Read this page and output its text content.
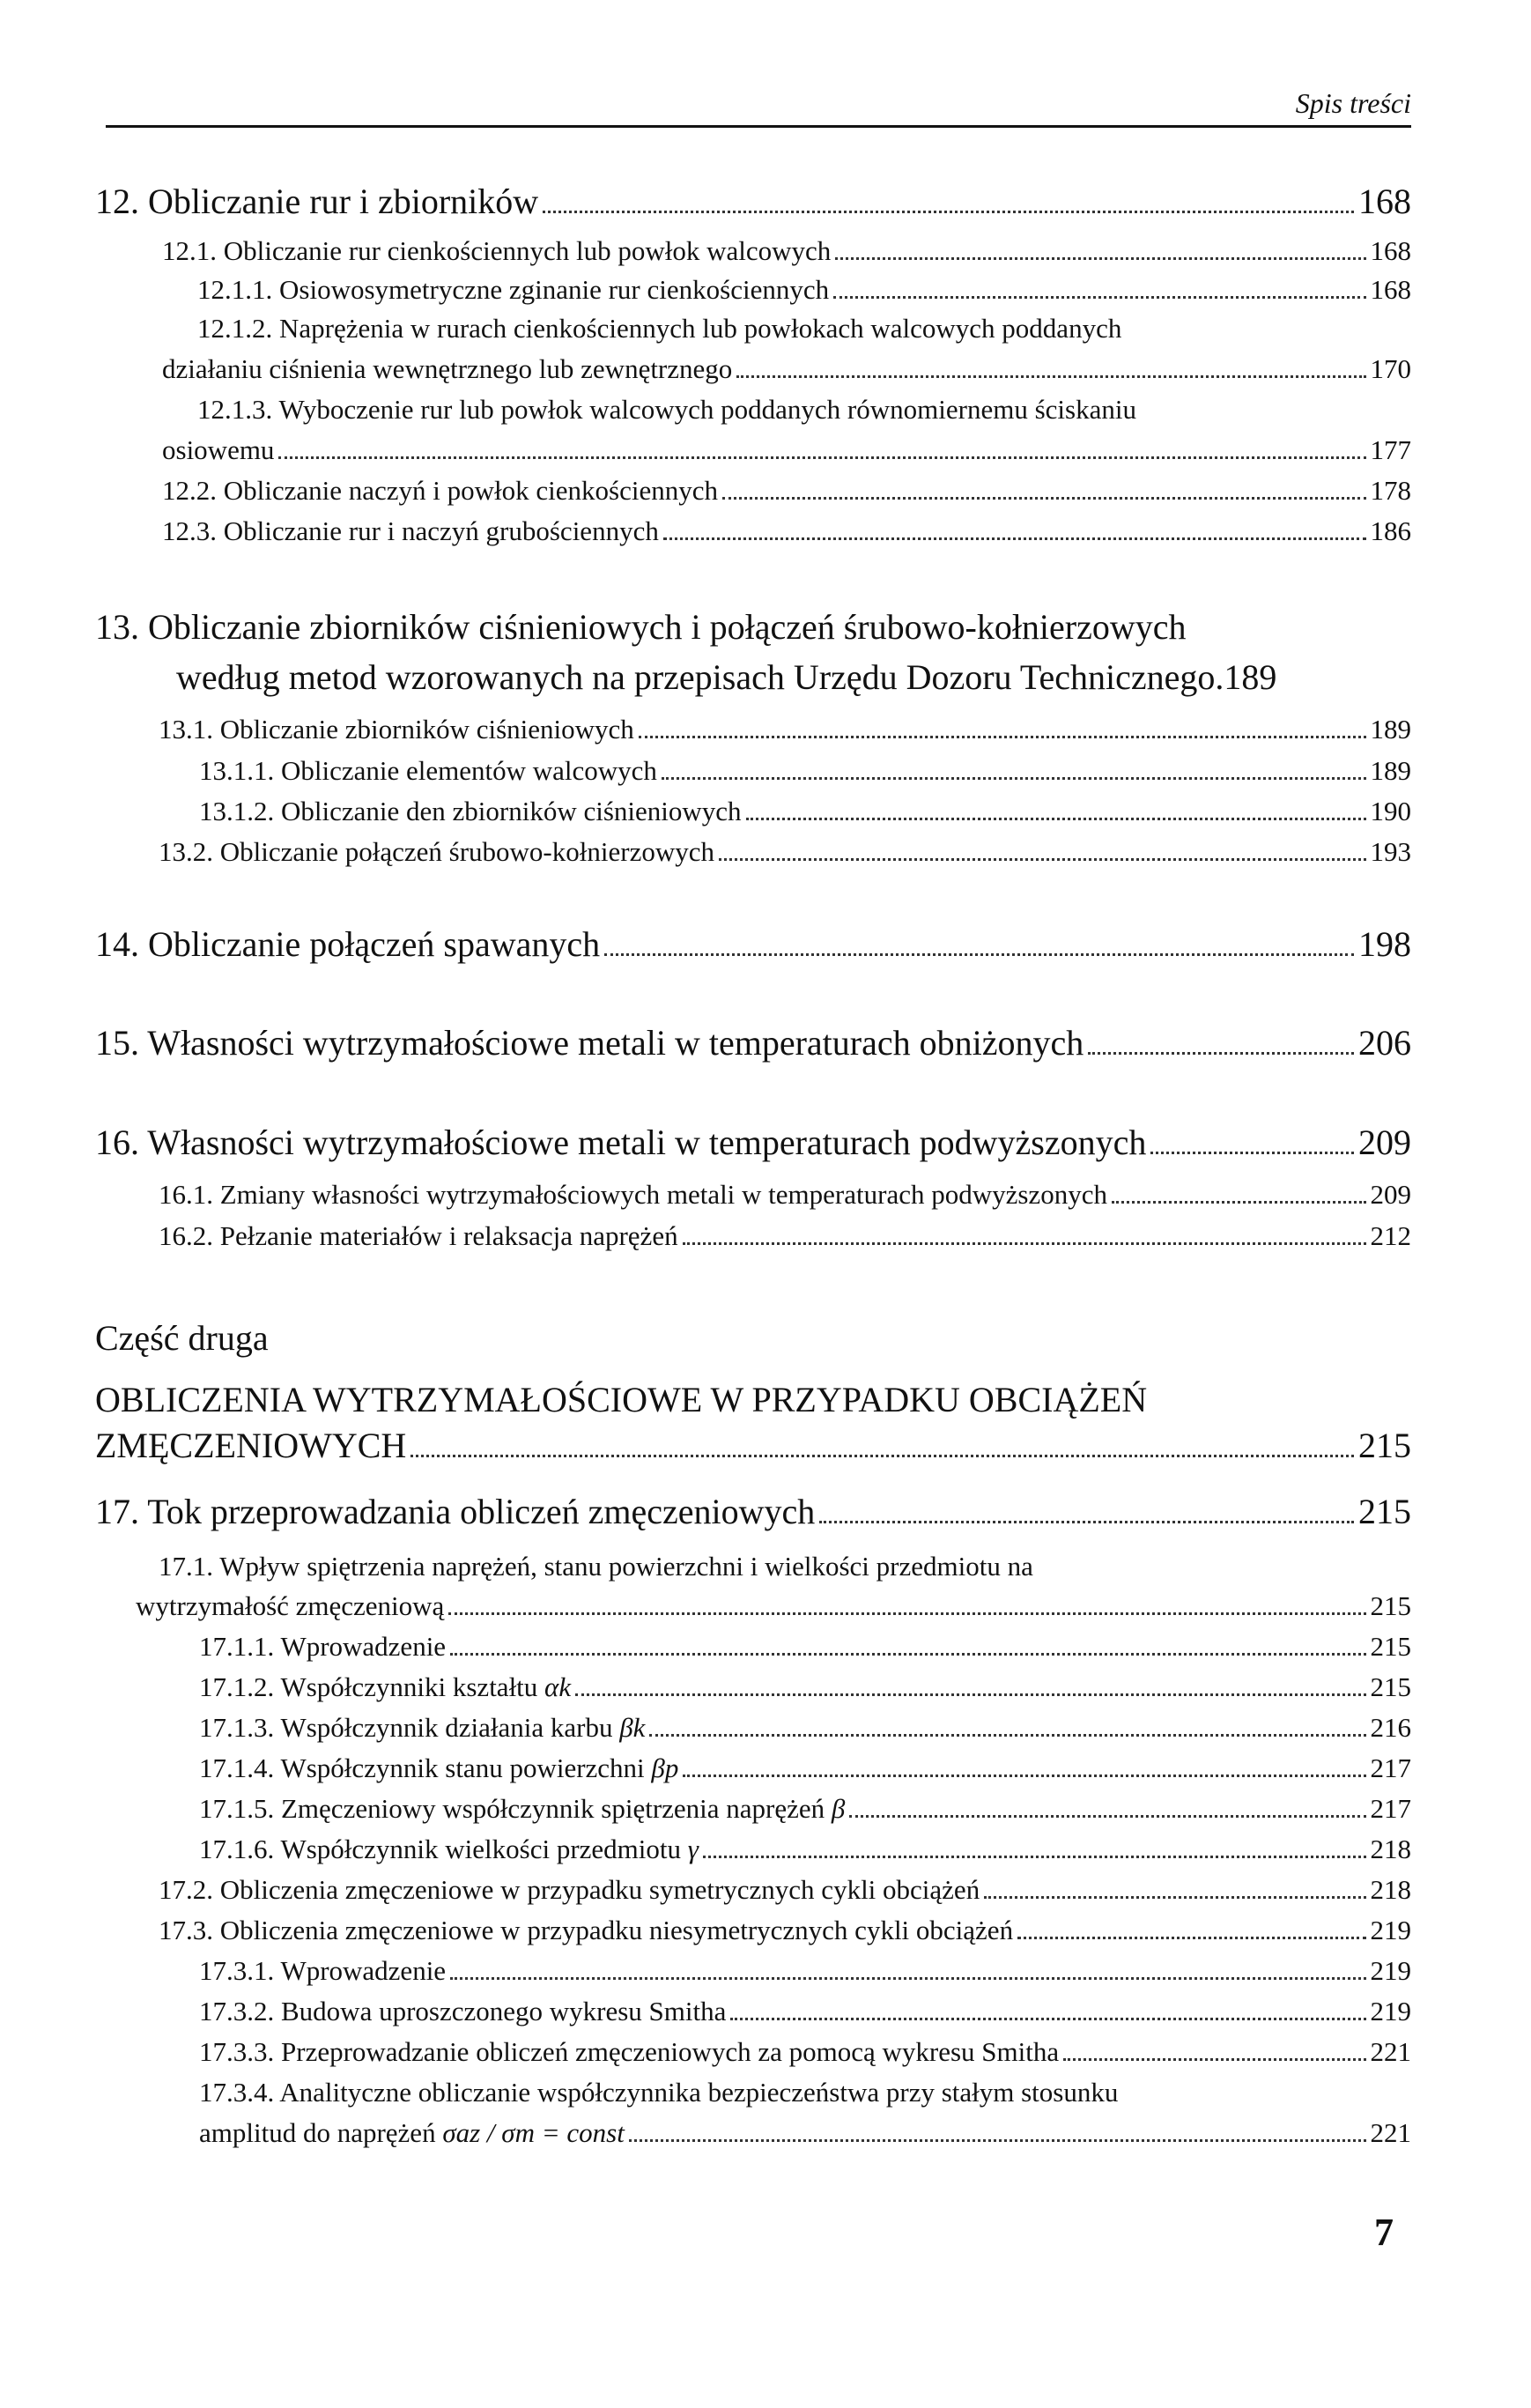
Spis treści
12. Obliczanie rur i zbiorników	168
12.1. Obliczanie rur cienkościennych lub powłok walcowych	168
12.1.1. Osiowosymetryczne zginanie rur cienkościennych	168
12.1.2. Naprężenia w rurach cienkościennych lub powłokach walcowych poddanych
działaniu ciśnienia wewnętrznego lub zewnętrznego	170
12.1.3. Wyboczenie rur lub powłok walcowych poddanych równomiernemu ściskaniu
osiowemu	177
12.2. Obliczanie naczyń i powłok cienkościennych	178
12.3. Obliczanie rur i naczyń grubościennych	186
13. Obliczanie zbiorników ciśnieniowych i połączeń śrubowo-kołnierzowych
według metod wzorowanych na przepisach Urzędu Dozoru Technicznego. 189
13.1. Obliczanie zbiorników ciśnieniowych	189
13.1.1. Obliczanie elementów walcowych	189
13.1.2. Obliczanie den zbiorników ciśnieniowych	190
13.2. Obliczanie połączeń śrubowo-kołnierzowych	193
14. Obliczanie połączeń spawanych	198
15. Własności wytrzymałościowe metali w temperaturach obniżonych	206
16. Własności wytrzymałościowe metali w temperaturach podwyższonych	209
16.1. Zmiany własności wytrzymałościowych metali w temperaturach podwyższonych	209
16.2. Pełzanie materiałów i relaksacja naprężeń	212
Część druga
OBLICZENIA WYTRZYMAŁOŚCIOWE W PRZYPADKU OBCIĄŻEŃ
ZMĘCZENIOWYCH	215
17. Tok przeprowadzania obliczeń zmęczeniowych	215
17.1. Wpływ spiętrzenia naprężeń, stanu powierzchni i wielkości przedmiotu na
wytrzymałość zmęczeniową	215
17.1.1. Wprowadzenie	215
17.1.2. Współczynniki kształtu
αk	215
17.1.3. Współczynnik działania karbu
βk	216
17.1.4. Współczynnik stanu powierzchni
βp	217
17.1.5. Zmęczeniowy współczynnik spiętrzenia naprężeń
β	217
17.1.6. Współczynnik wielkości przedmiotu
γ	218
17.2. Obliczenia zmęczeniowe w przypadku symetrycznych cykli obciążeń	218
17.3. Obliczenia zmęczeniowe w przypadku niesymetrycznych cykli obciążeń	219
17.3.1. Wprowadzenie	219
17.3.2. Budowa uproszczonego wykresu Smitha	219
17.3.3. Przeprowadzanie obliczeń zmęczeniowych za pomocą wykresu Smitha	221
17.3.4. Analityczne obliczanie współczynnika bezpieczeństwa przy stałym stosunku
amplitud do naprężeń
σaz / σm = const	221
7
